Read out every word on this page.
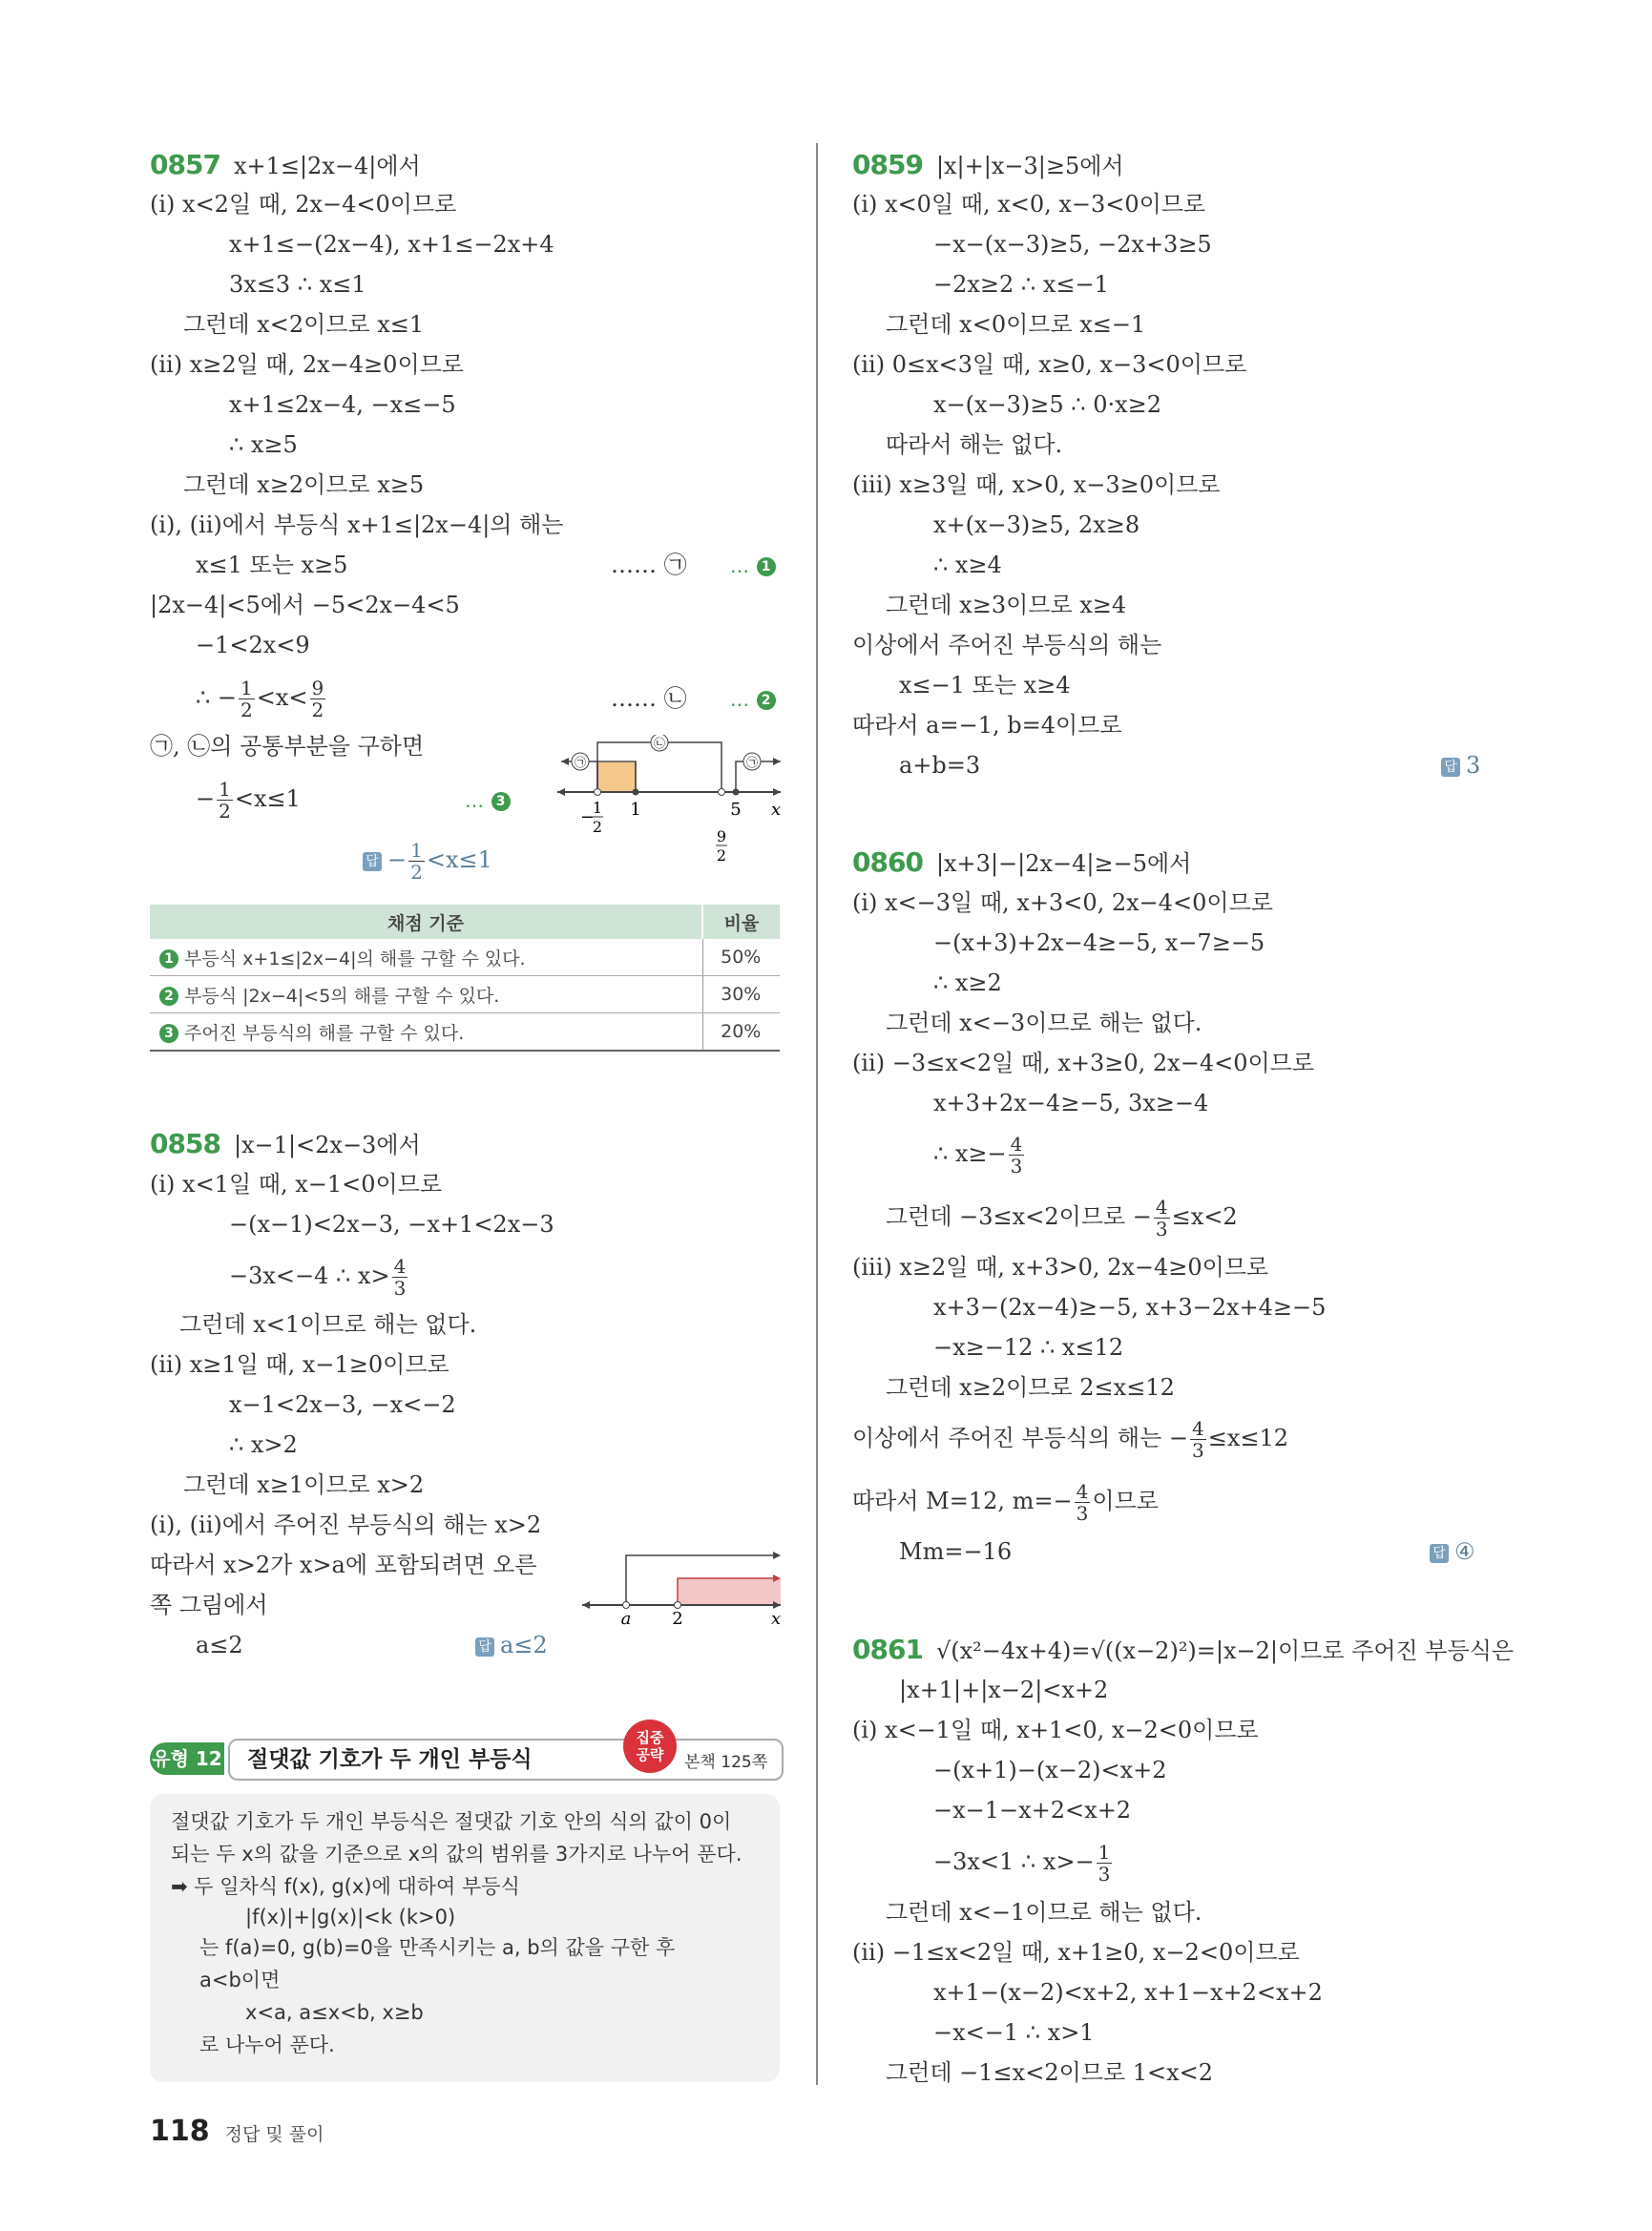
0857 x+1≤|2x−4|에서
(i) x<2일 때, 2x−4<0이므로
x+1≤−(2x−4), x+1≤−2x+4
3x≤3 ∴ x≤1
그런데 x<2이므로 x≤1
(ii) x≥2일 때, 2x−4≥0이므로
x+1≤2x−4, −x≤−5
∴ x≥5
그런데 x≥2이므로 x≥5
(i), (ii)에서 부등식 x+1≤|2x−4|의 해는
x≤1 또는 x≥5	…… ㉠ … 1
|2x−4|<5에서 −5<2x−4<5
−1<2x<9
∴ − $\frac{1}{2} <x< \frac{9}{2}$	…… ㉡ … 2
㉠, ㉡의 공통부분을 구하면
− $\frac{1}{2} <x\le 1$	… 3
답 − $\frac{1}{2} <x\le 1$
㉠
㉡
㉠
−
1
2
1	5
9
2
x
채점 기준	비율
1 부등식 x+1≤|2x−4|의 해를 구할 수 있다.	50%
2 부등식 |2x−4|<5의 해를 구할 수 있다.	30%
3 주어진 부등식의 해를 구할 수 있다.	20%
0858 |x−1|<2x−3에서
(i) x<1일 때, x−1<0이므로
−(x−1)<2x−3, −x+1<2x−3
−3x<−4 ∴ $x> \frac{4}{3}$
그런데 x<1이므로 해는 없다.
(ii) x≥1일 때, x−1≥0이므로
x−1<2x−3, −x<−2
∴ x>2
그런데 x≥1이므로 x>2
(i), (ii)에서 주어진 부등식의 해는 x>2
따라서 x>2가 x>a에 포함되려면 오른
쪽 그림에서
a≤2	답 a≤2
a 2	x
유형 12	절댓값 기호가 두 개인 부등식
집중
공략	본책 125쪽
절댓값 기호가 두 개인 부등식은 절댓값 기호 안의 식의 값이 0이
되는 두 x의 값을 기준으로 x의 값의 범위를 3가지로 나누어 푼다.
➡ 두 일차식 f(x), g(x)에 대하여 부등식
|f(x)|+|g(x)|<k (k>0)
는 f(a)=0, g(b)=0을 만족시키는 a, b의 값을 구한 후
a<b이면
x<a, a≤x<b, x≥b
로 나누어 푼다.
0859 |x|+|x−3|≥5에서
(i) x<0일 때, x<0, x−3<0이므로
−x−(x−3)≥5, −2x+3≥5
−2x≥2 ∴ x≤−1
그런데 x<0이므로 x≤−1
(ii) 0≤x<3일 때, x≥0, x−3<0이므로
x−(x−3)≥5 ∴ 0·x≥2
따라서 해는 없다.
(iii) x≥3일 때, x>0, x−3≥0이므로
x+(x−3)≥5, 2x≥8
∴ x≥4
그런데 x≥3이므로 x≥4
이상에서 주어진 부등식의 해는
x≤−1 또는 x≥4
따라서 a=−1, b=4이므로
a+b=3	답 3
0860 |x+3|−|2x−4|≥−5에서
(i) x<−3일 때, x+3<0, 2x−4<0이므로
−(x+3)+2x−4≥−5, x−7≥−5
∴ x≥2
그런데 x<−3이므로 해는 없다.
(ii) −3≤x<2일 때, x+3≥0, 2x−4<0이므로
x+3+2x−4≥−5, 3x≥−4
∴ $x\ge- \frac{4}{3}$
그런데 −3≤x<2이므로 − $\frac{4}{3} \le x<2$
(iii) x≥2일 때, x+3>0, 2x−4≥0이므로
x+3−(2x−4)≥−5, x+3−2x+4≥−5
−x≥−12 ∴ x≤12
그런데 x≥2이므로 2≤x≤12
이상에서 주어진 부등식의 해는 − $\frac{4}{3} \le x\le 12$
따라서 M=12, $m=- \frac{4}{3}$ 이므로
Mm=−16	답 ④
0861 √(x²−4x+4)=√((x−2)²)=|x−2|이므로 주어진 부등식은
|x+1|+|x−2|<x+2
(i) x<−1일 때, x+1<0, x−2<0이므로
−(x+1)−(x−2)<x+2
−x−1−x+2<x+2
−3x<1 ∴ $x>- \frac{1}{3}$
그런데 x<−1이므로 해는 없다.
(ii) −1≤x<2일 때, x+1≥0, x−2<0이므로
x+1−(x−2)<x+2, x+1−x+2<x+2
−x<−1 ∴ x>1
그런데 −1≤x<2이므로 1<x<2
118 정답 및 풀이
